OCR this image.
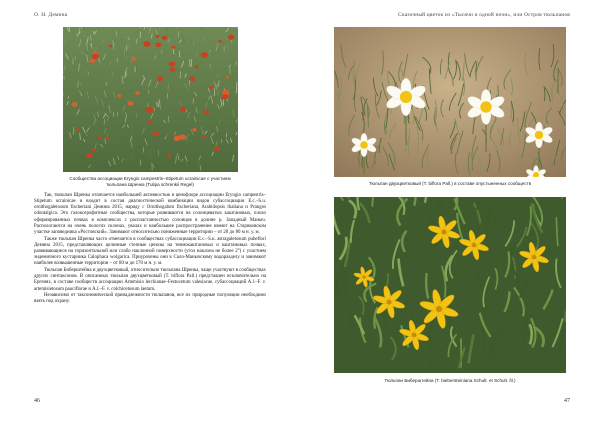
О. Н. Демина
Сообщества ассоциации Eryngio campestris–Stipetum ucrainicae с участием
тюльпана Шренка (Tulipa schrenkii Regel)

Так, тюльпан Шренка отличается наибольшей активностью в ценофлоре ассоциации Eryngio campestris–Stipetum ucrainicae и входит в состав диагностической комбинации видов субассоциации E.c.–S.u. ornithogaletosum fischeriani Демина 2015, наряду с Ornithogalum fischeriana, Arabidopsis thaliana и Prangos odontalgica. Это галоксерофитные сообщества, которые развиваются на солонцеватых каштановых, плохо оформированных почвах в комплексах с распластанностью солонцов в долине р. Западный Маныч. Распологаются на очень пологих склонах, увалах и наибольшее распространение имеют на Стариковском участке заповедника «Ростовский». Занимают относительно пониженные территории – от 20 до 80 м н. у. м.

Также тюльпан Шренка часто отмечается в сообществах субассоциации E.c.–S.u. astragaletosum pubeflori Демина 2015, представляющих целинные степные ценозы на темнокаштановых и каштановых почвах, развивающиеся на горизонтальной или слабо наклонной поверхности (угол наклона не более 2°) с участием эндемичного кустарника Calophaca wolgarica. Приурочены они к Сало-Манычскому водоразделу и занимают наиболее возвышенные территории – от 80 м до 170 м н. у. м.

Тюльпан Биберштейна и двухцветковый, относительно тюльпана Шренка, чаще участвуют в сообществах других синтаксонов. В описанных тюльпан двухцветковый (T. biflora Pall.) представлен исключительно на Ергенях, в составе сообществ ассоциации Artemisio lerchianae–Festucetum valesiacae, субассоциаций A.l.–F. v. artemisietosum pauciflorae и A.l.–F. v. colchicetosum laetum.

Независимо от таксономической принадлежности тюльпанов, все их природные популяции необходимо взять под охрану.

46
Сказочный цветок из «Тысячи и одной ночи», или Остров тюльпанов
Тюльпан двухцветковый (T. biflora Pall.) в составе опустыненных сообществ
Тюльпан Биберштейна (T. biebersteiniana Schult. et Schult. fil.)
47
